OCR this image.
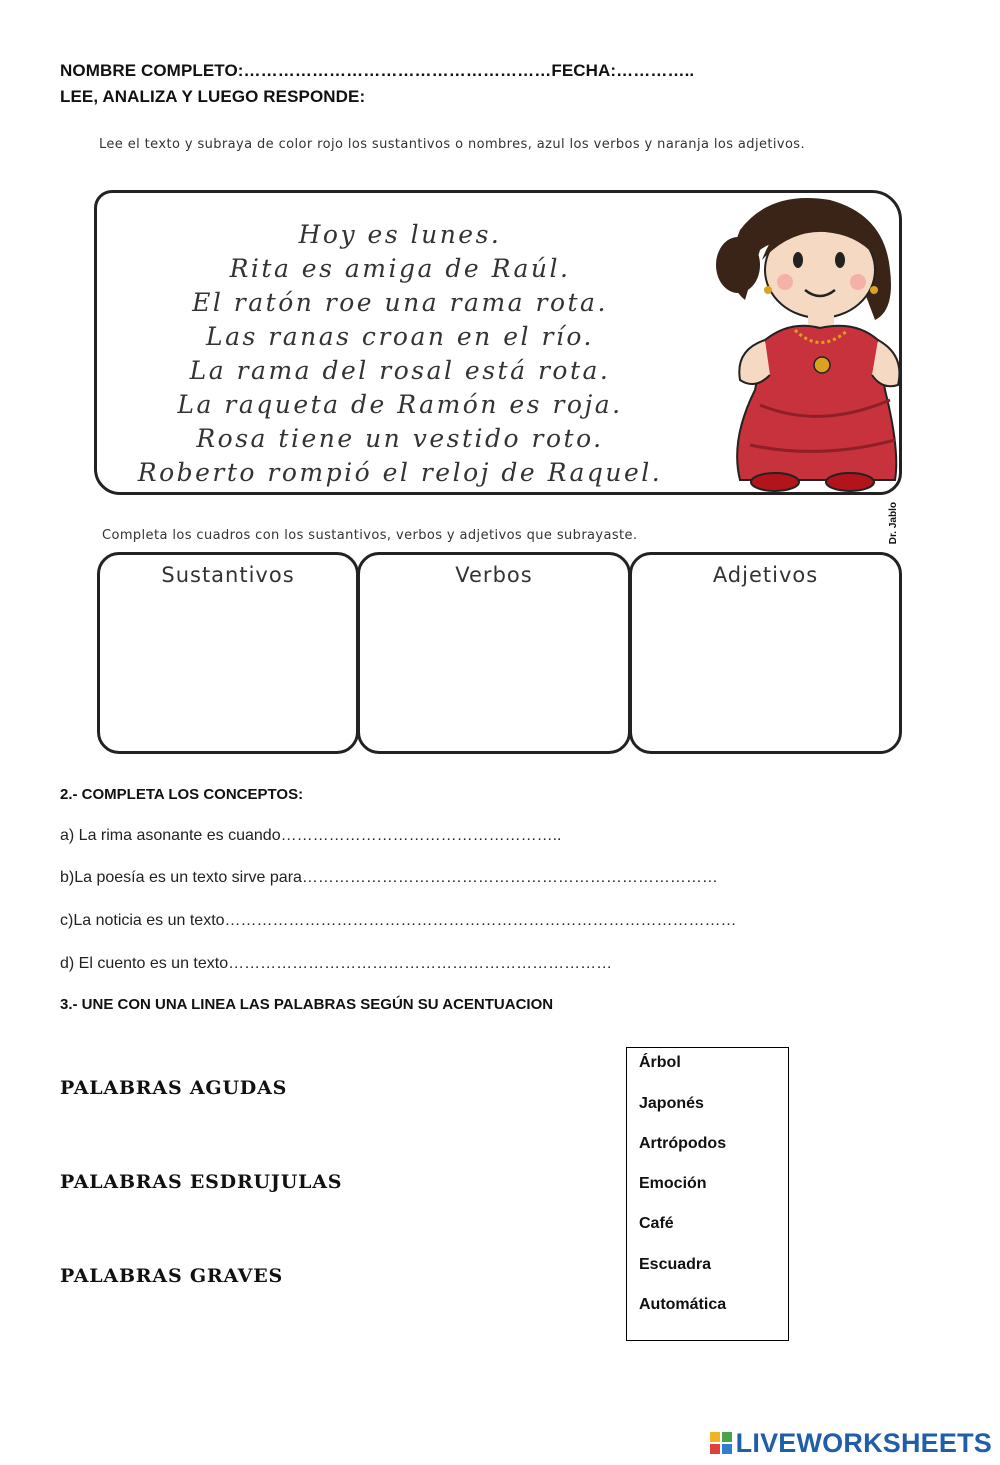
NOMBRE COMPLETO:………………………………………………FECHA:…………..
LEE, ANALIZA Y LUEGO RESPONDE:
Lee el texto y subraya de color rojo los sustantivos o nombres, azul los verbos y naranja los adjetivos.
Hoy es lunes.
Rita es amiga de Raúl.
El ratón roe una rama rota.
Las ranas croan en el río.
La rama del rosal está rota.
La raqueta de Ramón es roja.
Rosa tiene un vestido roto.
Roberto rompió el reloj de Raquel.
Dr. Jablo
Completa los cuadros con los sustantivos, verbos y adjetivos que subrayaste.
Sustantivos	Verbos	Adjetivos
2.- COMPLETA LOS CONCEPTOS:
a) La rima asonante es cuando……………………………………………..
b)La poesía es un texto sirve para……………………………………………………………………
c)La noticia es un texto……………………………………………………………………………………
d) El cuento es un texto………………………………………………………………
3.- UNE CON UNA LINEA LAS PALABRAS SEGÚN SU ACENTUACION
PALABRAS AGUDAS
PALABRAS ESDRUJULAS
PALABRAS GRAVES
Árbol
Japonés
Artrópodos
Emoción
Café
Escuadra
Automática
LIVEWORKSHEETS
